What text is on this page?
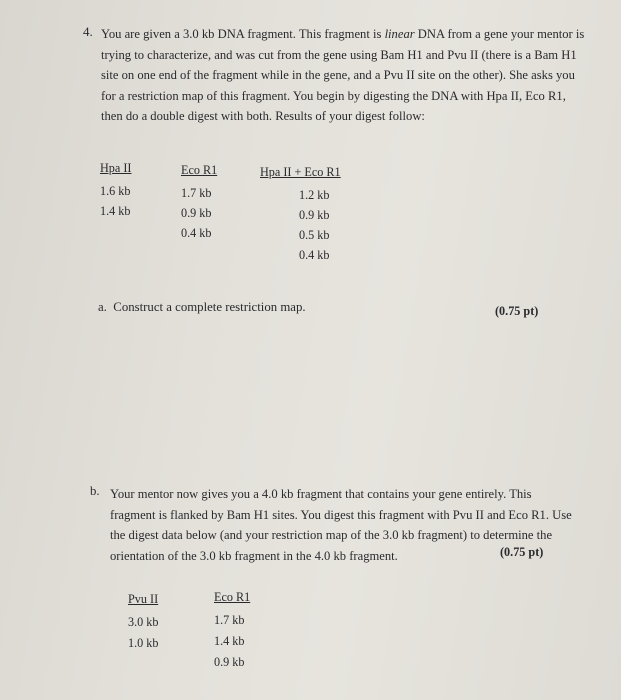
4. You are given a 3.0 kb DNA fragment. This fragment is linear DNA from a gene your mentor is

trying to characterize, and was cut from the gene using Bam H1 and Pvu II (there is a Bam H1

site on one end of the fragment while in the gene, and a Pvu II site on the other). She asks you

for a restriction map of this fragment. You begin by digesting the DNA with Hpa II, Eco R1,

then do a double digest with both. Results of your digest follow:

Hpa II
1.6 kb
1.4 kb
Eco R1
1.7 kb
0.9 kb
0.4 kb
Hpa II + Eco R1
1.2 kb
0.9 kb
0.5 kb
0.4 kb
a. Construct a complete restriction map.	(0.75 pt)
b. Your mentor now gives you a 4.0 kb fragment that contains your gene entirely. This

fragment is flanked by Bam H1 sites. You digest this fragment with Pvu II and Eco R1. Use

the digest data below (and your restriction map of the 3.0 kb fragment) to determine the

orientation of the 3.0 kb fragment in the 4.0 kb fragment.	(0.75 pt)
Pvu II
3.0 kb
1.0 kb
Eco R1
1.7 kb
1.4 kb
0.9 kb
